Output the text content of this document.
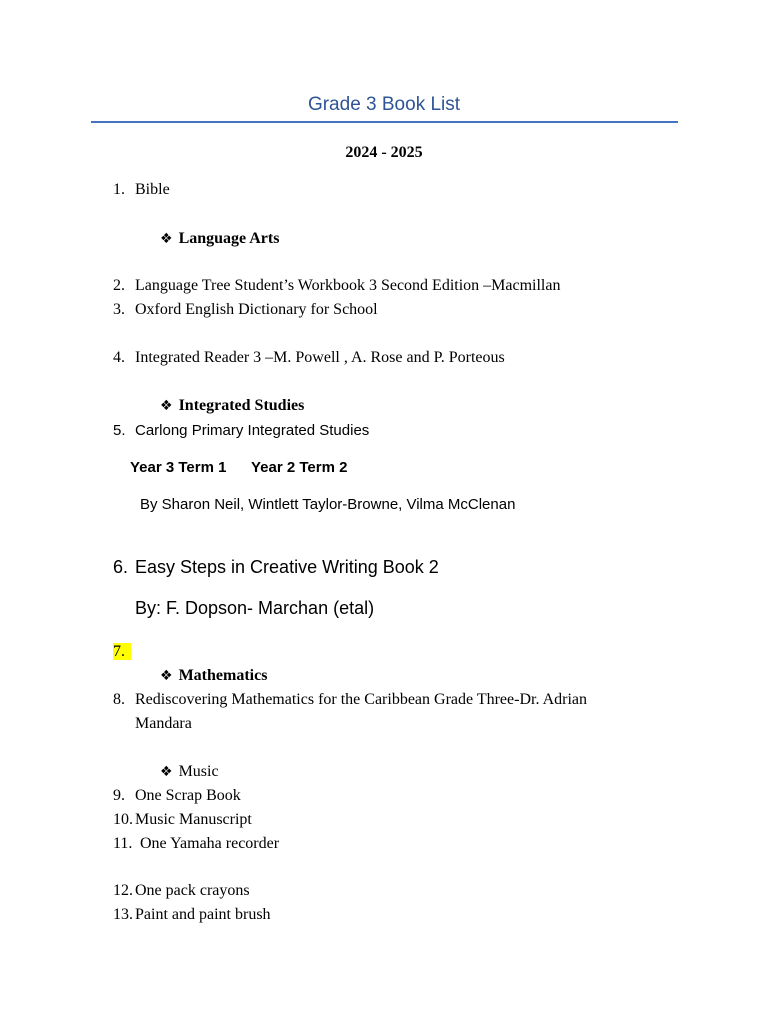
Grade 3 Book List
2024 - 2025
1. Bible
❖ Language Arts
2. Language Tree Student’s Workbook 3 Second Edition –Macmillan
3. Oxford English Dictionary for School
4. Integrated Reader 3 –M. Powell , A. Rose and P. Porteous
❖ Integrated Studies
5. Carlong Primary Integrated Studies
Year 3 Term 1 Year 2 Term 2
By Sharon Neil, Wintlett Taylor-Browne, Vilma McClenan
6. Easy Steps in Creative Writing Book 2
By: F. Dopson- Marchan (etal)
7.
❖ Mathematics
8. Rediscovering Mathematics for the Caribbean Grade Three-Dr. Adrian
Mandara
❖ Music
9. One Scrap Book
10. Music Manuscript
11. One Yamaha recorder
12. One pack crayons
13. Paint and paint brush
